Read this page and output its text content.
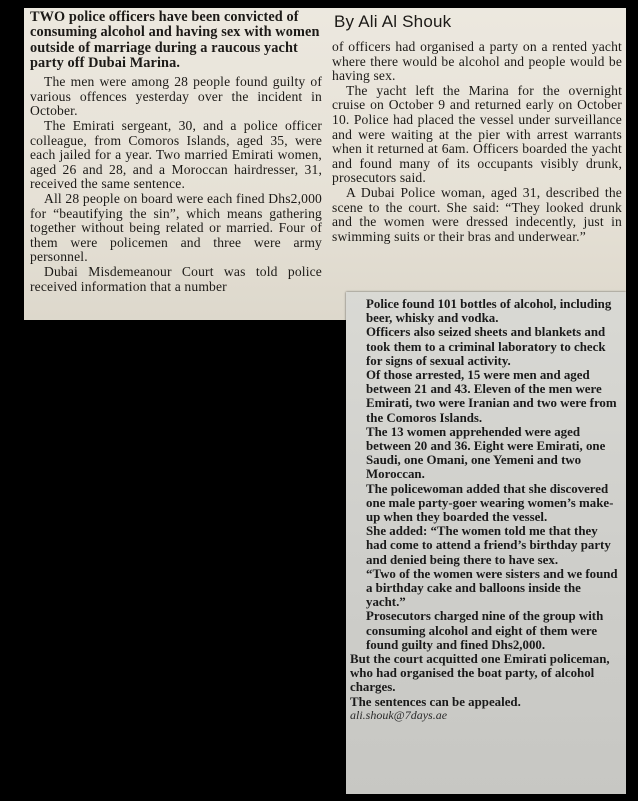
TWO police officers have been convicted of consuming alcohol and having sex with women outside of marriage during a raucous yacht party off Dubai Marina.

The men were among 28 people found guilty of various offences yesterday over the incident in October.

The Emirati sergeant, 30, and a police officer colleague, from Comoros Islands, aged 35, were each jailed for a year. Two married Emirati women, aged 26 and 28, and a Moroccan hairdresser, 31, received the same sentence.

All 28 people on board were each fined Dhs2,000 for “beautifying the sin”, which means gathering together without being related or married. Four of them were policemen and three were army personnel.

Dubai Misdemeanour Court was told police received information that a number

By Ali Al Shouk

of officers had organised a party on a rented yacht where there would be alcohol and people would be having sex.

The yacht left the Marina for the overnight cruise on October 9 and returned early on October 10. Police had placed the vessel under surveillance and were waiting at the pier with arrest warrants when it returned at 6am. Officers boarded the yacht and found many of its occupants visibly drunk, prosecutors said.

A Dubai Police woman, aged 31, described the scene to the court. She said: “They looked drunk and the women were dressed indecently, just in swimming suits or their bras and underwear.”

Police found 101 bottles of alcohol, including beer, whisky and vodka.

Officers also seized sheets and blankets and took them to a criminal laboratory to check for signs of sexual activity.

Of those arrested, 15 were men and aged between 21 and 43. Eleven of the men were Emirati, two were Iranian and two were from the Comoros Islands.

The 13 women apprehended were aged between 20 and 36. Eight were Emirati, one Saudi, one Omani, one Yemeni and two Moroccan.

The policewoman added that she discovered one male party-goer wearing women’s make-up when they boarded the vessel.

She added: “The women told me that they had come to attend a friend’s birthday party and denied being there to have sex.

“Two of the women were sisters and we found a birthday cake and balloons inside the yacht.”

Prosecutors charged nine of the group with consuming alcohol and eight of them were found guilty and fined Dhs2,000.

But the court acquitted one Emirati policeman, who had organised the boat party, of alcohol charges.

The sentences can be appealed.

ali.shouk@7days.ae
